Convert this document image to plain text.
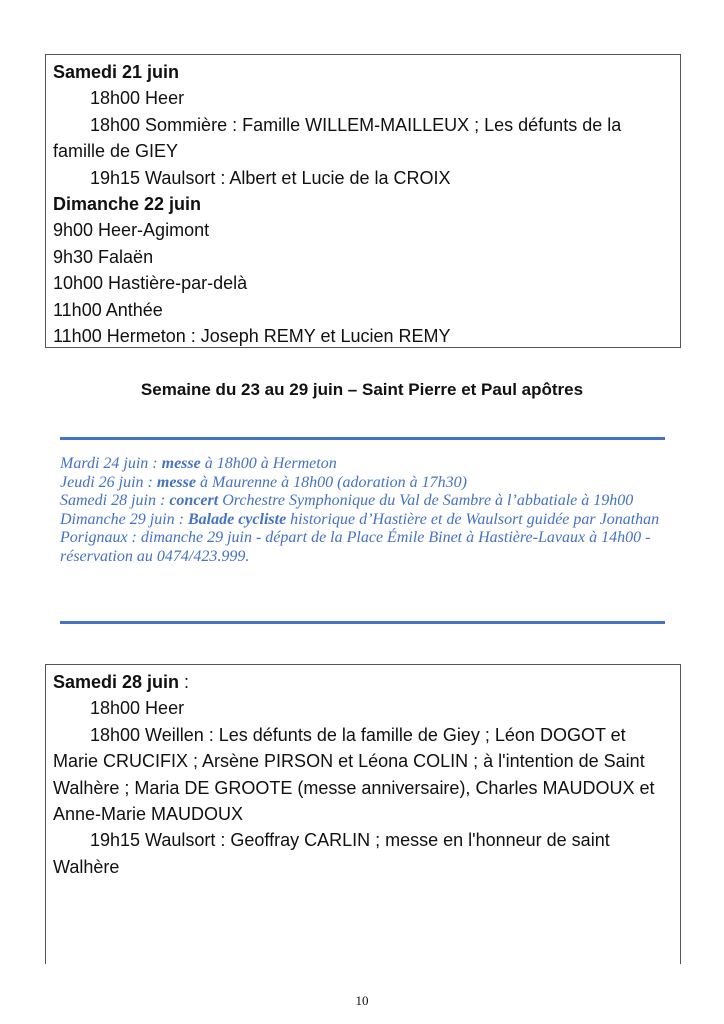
Samedi 21 juin
18h00 Heer
18h00 Sommière : Famille WILLEM-MAILLEUX ; Les défunts de la famille de GIEY
19h15 Waulsort : Albert et Lucie de la CROIX
Dimanche 22 juin
9h00 Heer-Agimont
9h30 Falaën
10h00 Hastière-par-delà
11h00 Anthée
11h00 Hermeton : Joseph REMY et Lucien REMY
Semaine du 23 au 29 juin – Saint Pierre et Paul apôtres
Mardi 24 juin : messe à 18h00 à Hermeton
Jeudi 26 juin : messe à Maurenne à 18h00 (adoration à 17h30)
Samedi 28 juin : concert Orchestre Symphonique du Val de Sambre à l’abbatiale à 19h00
Dimanche 29 juin : Balade cycliste historique d’Hastière et de Waulsort guidée par Jonathan Porignaux : dimanche 29 juin - départ de la Place Émile Binet à Hastière-Lavaux à 14h00 - réservation au 0474/423.999.
Samedi 28 juin :
18h00 Heer
18h00 Weillen : Les défunts de la famille de Giey ; Léon DOGOT et Marie CRUCIFIX ; Arsène PIRSON et Léona COLIN ; à l'intention de Saint Walhère ; Maria DE GROOTE (messe anniversaire), Charles MAUDOUX et Anne-Marie MAUDOUX
19h15 Waulsort : Geoffray CARLIN ; messe en l'honneur de saint Walhère
10
